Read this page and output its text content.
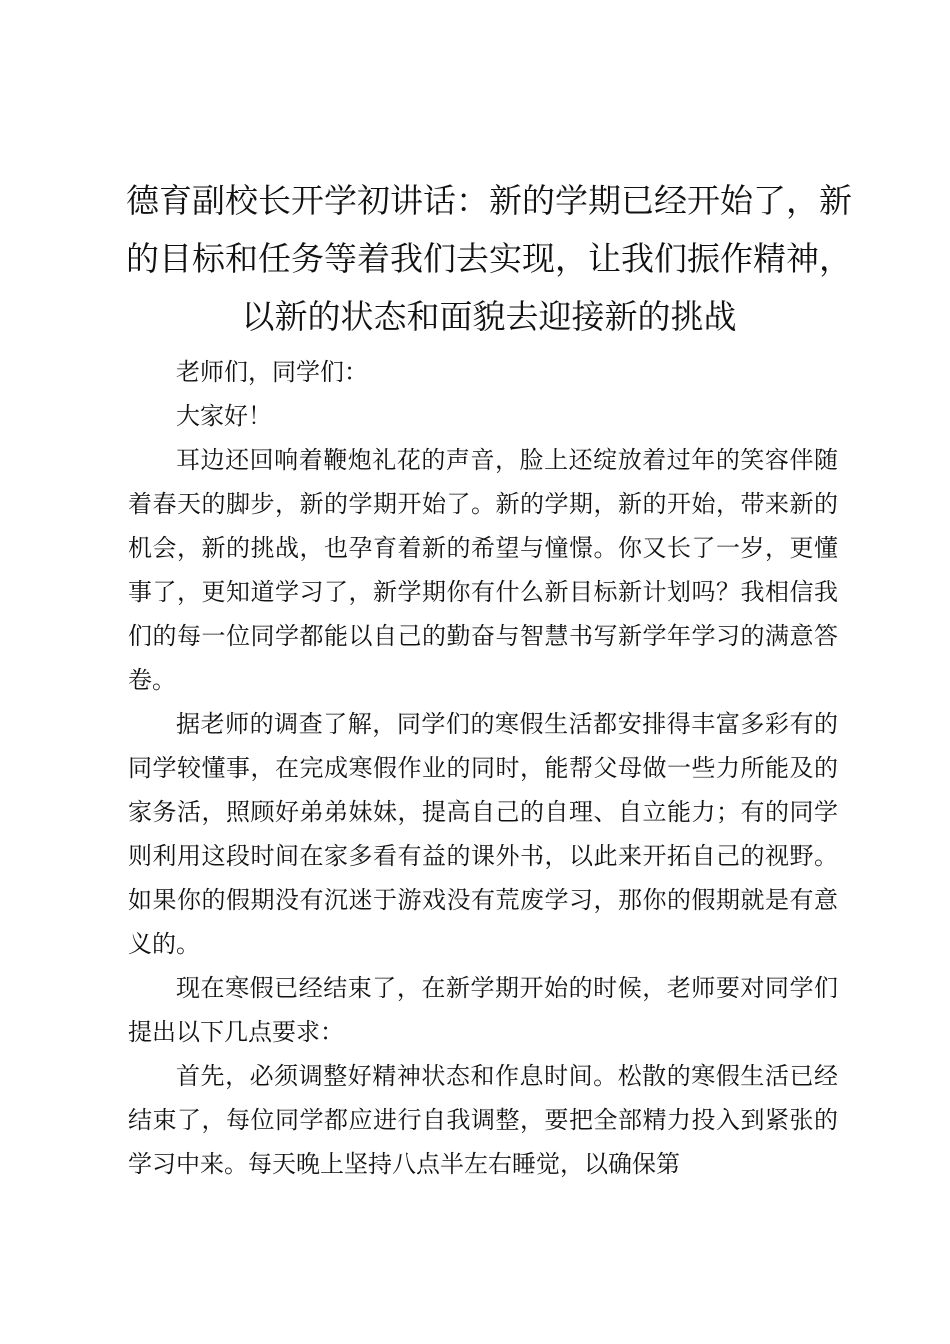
德育副校长开学初讲话：新的学期已经开始了，新的目标和任务等着我们去实现，让我们振作精神，以新的状态和面貌去迎接新的挑战

老师们，同学们：

大家好！

耳边还回响着鞭炮礼花的声音，脸上还绽放着过年的笑容伴随着春天的脚步，新的学期开始了。新的学期，新的开始，带来新的机会，新的挑战，也孕育着新的希望与憧憬。你又长了一岁，更懂事了，更知道学习了，新学期你有什么新目标新计划吗？我相信我们的每一位同学都能以自己的勤奋与智慧书写新学年学习的满意答卷。

据老师的调查了解，同学们的寒假生活都安排得丰富多彩有的同学较懂事，在完成寒假作业的同时，能帮父母做一些力所能及的家务活，照顾好弟弟妹妹，提高自己的自理、自立能力；有的同学则利用这段时间在家多看有益的课外书，以此来开拓自己的视野。如果你的假期没有沉迷于游戏没有荒废学习，那你的假期就是有意义的。

现在寒假已经结束了，在新学期开始的时候，老师要对同学们提出以下几点要求：

首先，必须调整好精神状态和作息时间。松散的寒假生活已经结束了，每位同学都应进行自我调整，要把全部精力投入到紧张的学习中来。每天晚上坚持八点半左右睡觉，以确保第
